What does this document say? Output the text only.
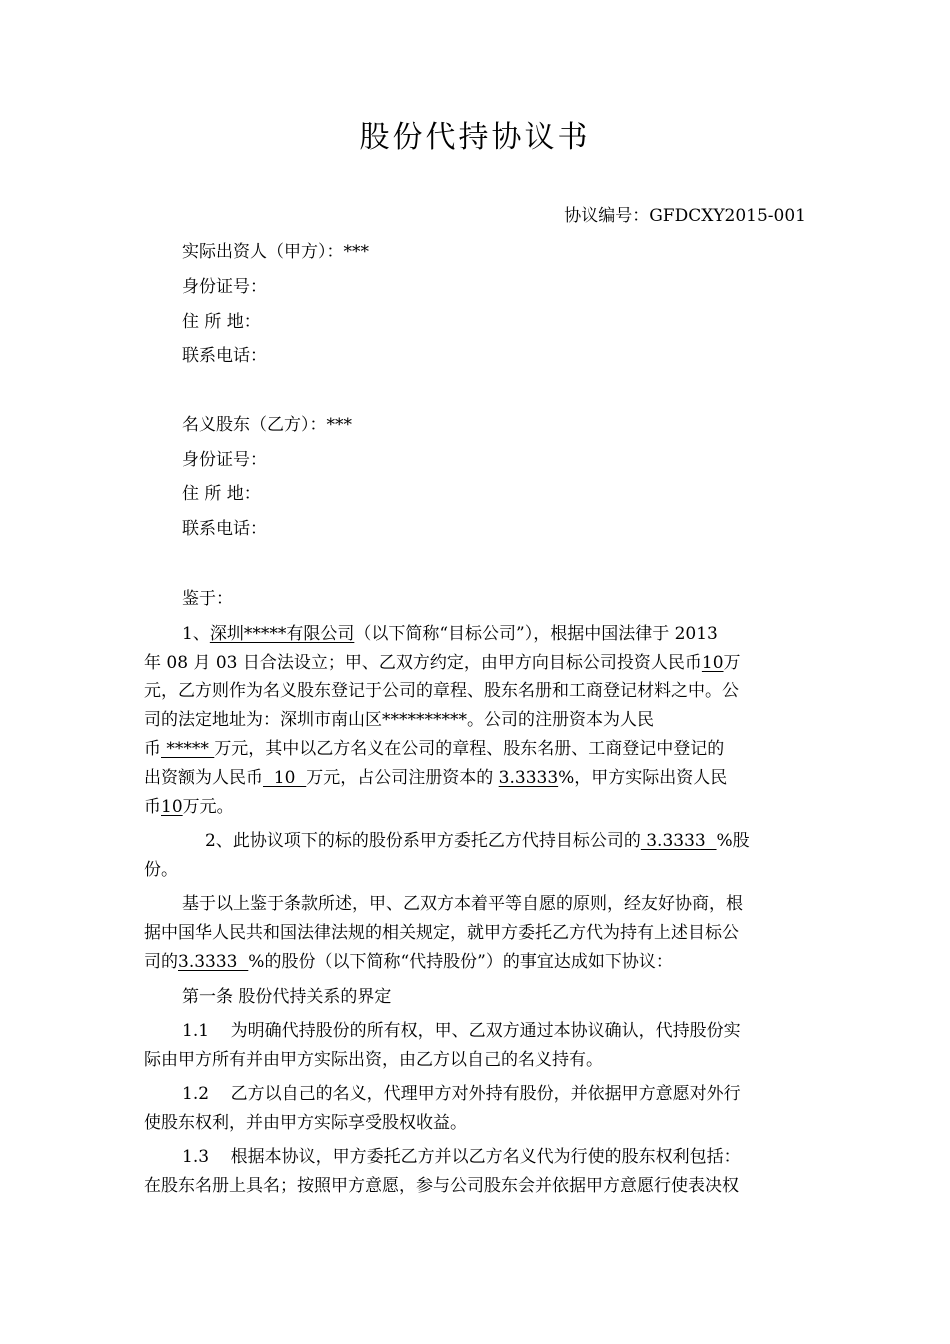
股份代持协议书
协议编号：GFDCXY2015-001
实际出资人（甲方）：***
身份证号：
住 所 地：
联系电话：
名义股东（乙方）：***
身份证号：
住 所 地：
联系电话：
鉴于：
1、深圳*****有限公司（以下简称“目标公司”），根据中国法律于 2013
年 08 月 03 日合法设立；甲、乙双方约定，由甲方向目标公司投资人民币10万
元，乙方则作为名义股东登记于公司的章程、股东名册和工商登记材料之中。公
司的法定地址为：深圳市南山区**********。公司的注册资本为人民
币 ***** 万元，其中以乙方名义在公司的章程、股东名册、工商登记中登记的
出资额为人民币  10  万元，占公司注册资本的 3.3333%，甲方实际出资人民
币10万元。
2、此协议项下的标的股份系甲方委托乙方代持目标公司的 3.3333  %股
份。
基于以上鉴于条款所述，甲、乙双方本着平等自愿的原则，经友好协商，根
据中国华人民共和国法律法规的相关规定，就甲方委托乙方代为持有上述目标公
司的3.3333  %的股份（以下简称“代持股份”）的事宜达成如下协议：
第一条 股份代持关系的界定
1.1    为明确代持股份的所有权，甲、乙双方通过本协议确认，代持股份实
际由甲方所有并由甲方实际出资，由乙方以自己的名义持有。
1.2    乙方以自己的名义，代理甲方对外持有股份，并依据甲方意愿对外行
使股东权利，并由甲方实际享受股权收益。
1.3    根据本协议，甲方委托乙方并以乙方名义代为行使的股东权利包括：
在股东名册上具名；按照甲方意愿，参与公司股东会并依据甲方意愿行使表决权
